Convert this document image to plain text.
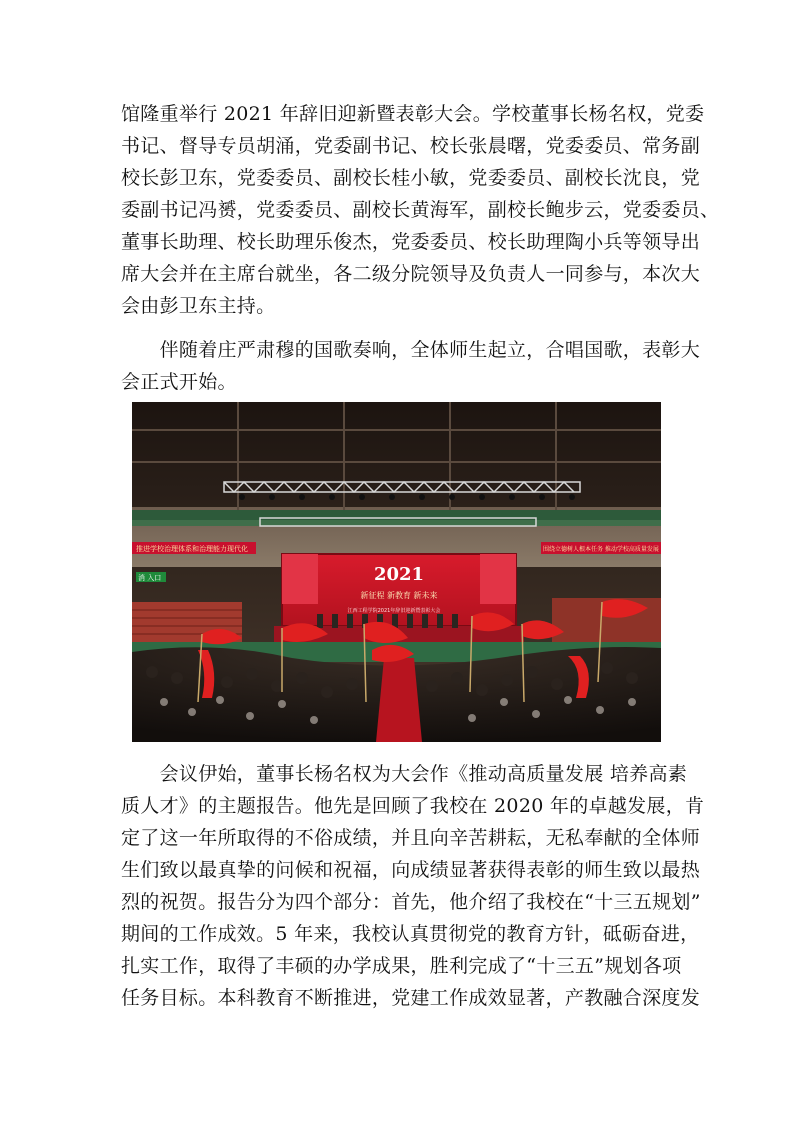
馆隆重举行 2021 年辞旧迎新暨表彰大会。学校董事长杨名权，党委
书记、督导专员胡涌，党委副书记、校长张晨曙，党委委员、常务副
校长彭卫东，党委委员、副校长桂小敏，党委委员、副校长沈良，党
委副书记冯赟，党委委员、副校长黄海军，副校长鲍步云，党委委员、
董事长助理、校长助理乐俊杰，党委委员、校长助理陶小兵等领导出
席大会并在主席台就坐，各二级分院领导及负责人一同参与，本次大
会由彭卫东主持。

　　伴随着庄严肃穆的国歌奏响，全体师生起立，合唱国歌，表彰大
会正式开始。

推进学校治理体系和治理能力现代化	围绕立德树人根本任务 推动学校高质量发展
消 入口	2021
新征程 新教育 新未来
江西工程学院2021年辞旧迎新暨表彰大会

　　会议伊始，董事长杨名权为大会作《推动高质量发展 培养高素
质人才》的主题报告。他先是回顾了我校在 2020 年的卓越发展，肯
定了这一年所取得的不俗成绩，并且向辛苦耕耘，无私奉献的全体师
生们致以最真挚的问候和祝福，向成绩显著获得表彰的师生致以最热
烈的祝贺。报告分为四个部分：首先，他介绍了我校在“十三五规划”
期间的工作成效。5 年来，我校认真贯彻党的教育方针，砥砺奋进，
扎实工作，取得了丰硕的办学成果，胜利完成了“十三五”规划各项
任务目标。本科教育不断推进，党建工作成效显著，产教融合深度发
